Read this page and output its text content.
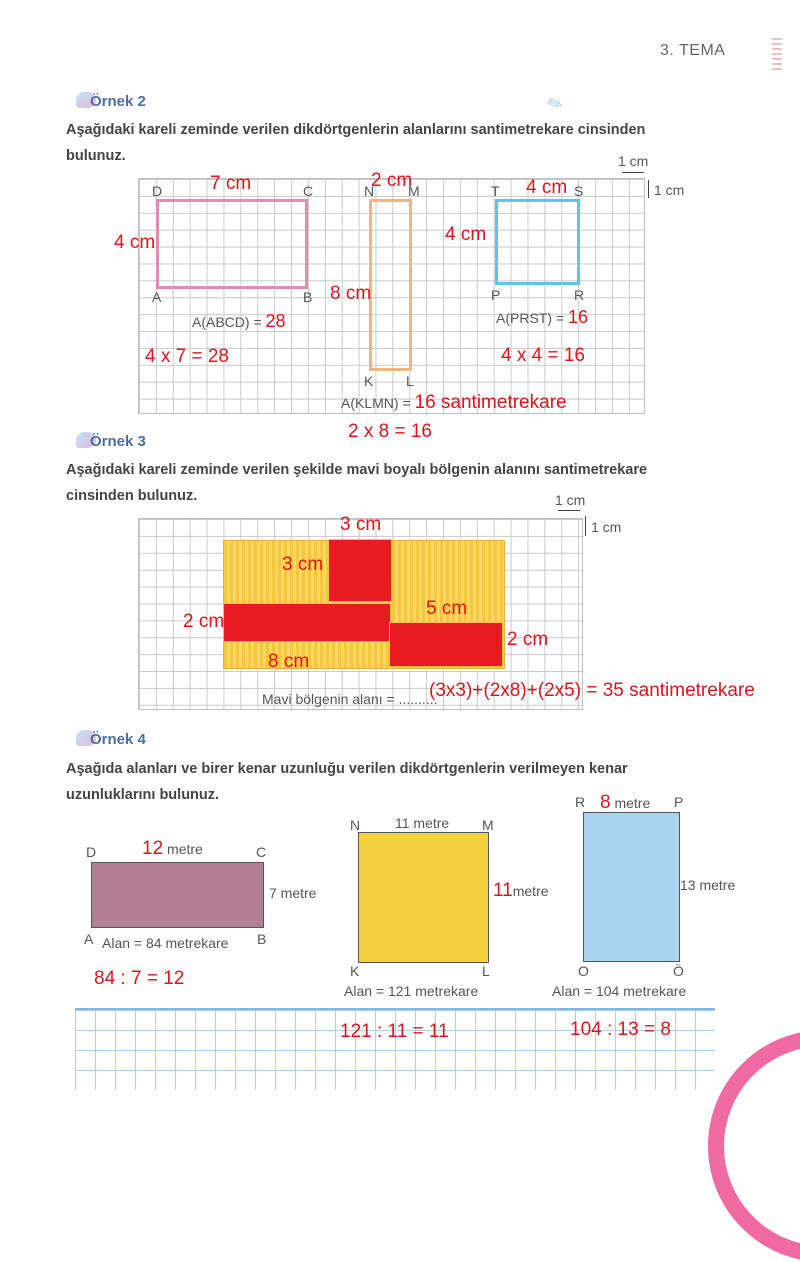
3. TEMA
Örnek 2
Aşağıdaki kareli zeminde verilen dikdörtgenlerin alanlarını santimetrekare cinsinden
bulunuz.
✎
1 cm
1 cm
D	C
A	B
7 cm
4 cm
A(ABCD) = 28
4 x 7 = 28
N M
K L
2 cm
8 cm
A(KLMN) = 16 santimetrekare
2 x 8 = 16
T	S
P	R
4 cm
4 cm
A(PRST) = 16
4 x 4 = 16
Örnek 3
Aşağıdaki kareli zeminde verilen şekilde mavi boyalı bölgenin alanını santimetrekare
cinsinden bulunuz.	1 cm
1 cm
3 cm
3 cm
2 cm
5 cm
2 cm
8 cm
Mavi bölgenin alanı = ..........
(3x3)+(2x8)+(2x5) = 35 santimetrekare
Örnek 4
Aşağıda alanları ve birer kenar uzunluğu verilen dikdörtgenlerin verilmeyen kenar
uzunluklarını bulunuz.
D	C
A	B
12 metre
7 metre
Alan = 84 metrekare
84 : 7 = 12
N	M
K	L
11 metre
11metre
Alan = 121 metrekare
121 : 11 = 11
R	P
O	Ö
8 metre
13 metre
Alan = 104 metrekare
104 : 13 = 8
